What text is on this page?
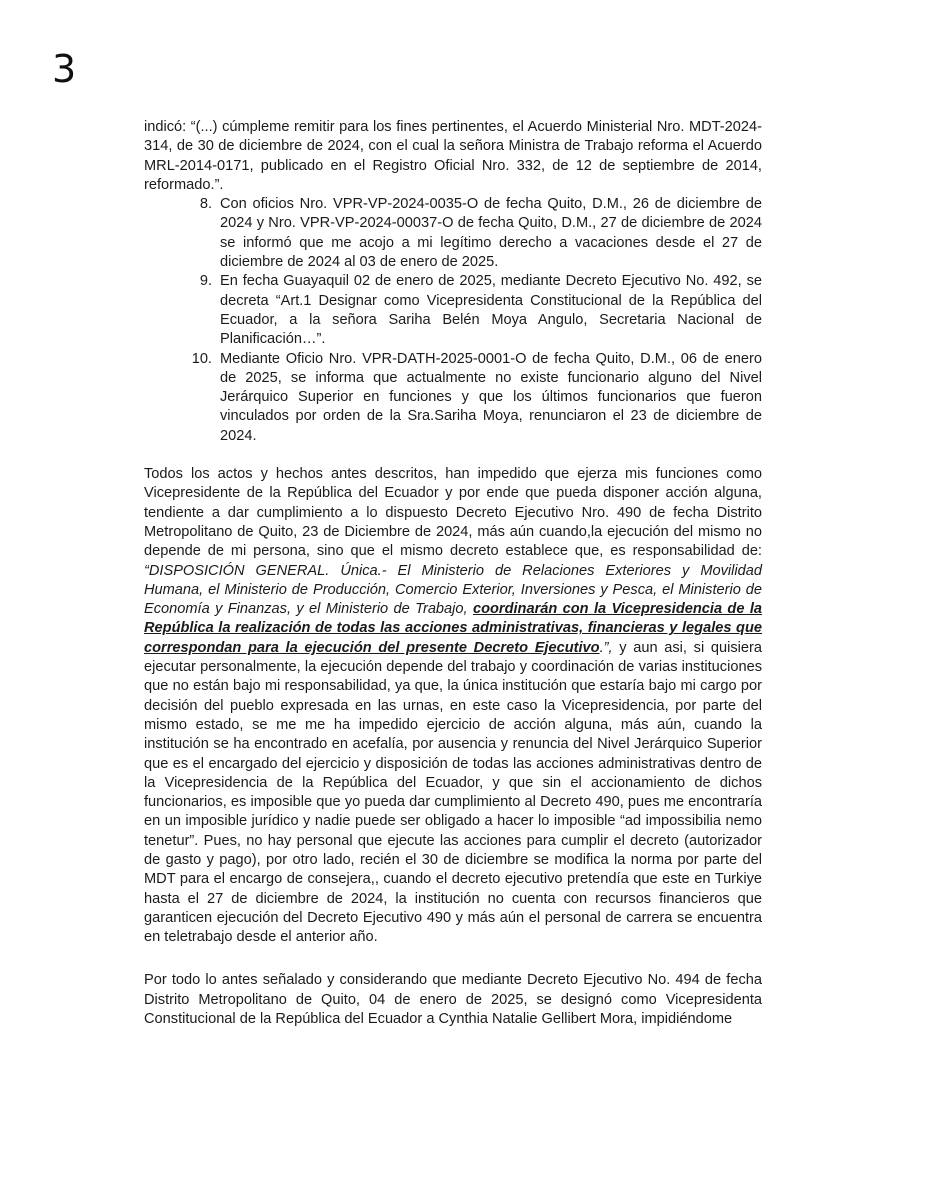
3

indicó: “(...) cúmpleme remitir para los fines pertinentes, el Acuerdo Ministerial Nro. MDT-2024-314, de 30 de diciembre de 2024, con el cual la señora Ministra de Trabajo reforma el Acuerdo MRL-2014-0171, publicado en el Registro Oficial Nro. 332, de 12 de septiembre de 2014, reformado.”.

8. Con oficios Nro. VPR-VP-2024-0035-O de fecha Quito, D.M., 26 de diciembre de 2024 y Nro. VPR-VP-2024-00037-O de fecha Quito, D.M., 27 de diciembre de 2024 se informó que me acojo a mi legítimo derecho a vacaciones desde el 27 de diciembre de 2024 al 03 de enero de 2025.
9. En fecha Guayaquil 02 de enero de 2025, mediante Decreto Ejecutivo No. 492, se decreta “Art.1 Designar como Vicepresidenta Constitucional de la República del Ecuador, a la señora Sariha Belén Moya Angulo, Secretaria Nacional de Planificación…”.
10. Mediante Oficio Nro. VPR-DATH-2025-0001-O de fecha Quito, D.M., 06 de enero de 2025, se informa que actualmente no existe funcionario alguno del Nivel Jerárquico Superior en funciones y que los últimos funcionarios que fueron vinculados por orden de la Sra.Sariha Moya, renunciaron el 23 de diciembre de 2024.

Todos los actos y hechos antes descritos, han impedido que ejerza mis funciones como Vicepresidente de la República del Ecuador y por ende que pueda disponer acción alguna, tendiente a dar cumplimiento a lo dispuesto Decreto Ejecutivo Nro. 490 de fecha Distrito Metropolitano de Quito, 23 de Diciembre de 2024, más aún cuando,la ejecución del mismo no depende de mi persona, sino que el mismo decreto establece que, es responsabilidad de: “DISPOSICIÓN GENERAL. Única.- El Ministerio de Relaciones Exteriores y Movilidad Humana, el Ministerio de Producción, Comercio Exterior, Inversiones y Pesca, el Ministerio de Economía y Finanzas, y el Ministerio de Trabajo, coordinarán con la Vicepresidencia de la República la realización de todas las acciones administrativas, financieras y legales que correspondan para la ejecución del presente Decreto Ejecutivo.”, y aun asi, si quisiera ejecutar personalmente, la ejecución depende del trabajo y coordinación de varias instituciones que no están bajo mi responsabilidad, ya que, la única institución que estaría bajo mi cargo por decisión del pueblo expresada en las urnas, en este caso la Vicepresidencia, por parte del mismo estado, se me me ha impedido ejercicio de acción alguna, más aún, cuando la institución se ha encontrado en acefalía, por ausencia y renuncia del Nivel Jerárquico Superior que es el encargado del ejercicio y disposición de todas las acciones administrativas dentro de la Vicepresidencia de la República del Ecuador, y que sin el accionamiento de dichos funcionarios, es imposible que yo pueda dar cumplimiento al Decreto 490, pues me encontraría en un imposible jurídico y nadie puede ser obligado a hacer lo imposible “ad impossibilia nemo tenetur”. Pues, no hay personal que ejecute las acciones para cumplir el decreto (autorizador de gasto y pago), por otro lado, recién el 30 de diciembre se modifica la norma por parte del MDT para el encargo de consejera,, cuando el decreto ejecutivo pretendía que este en Turkiye hasta el 27 de diciembre de 2024, la institución no cuenta con recursos financieros que garanticen ejecución del Decreto Ejecutivo 490 y más aún el personal de carrera se encuentra en teletrabajo desde el anterior año.

Por todo lo antes señalado y considerando que mediante Decreto Ejecutivo No. 494 de fecha Distrito Metropolitano de Quito, 04 de enero de 2025, se designó como Vicepresidenta Constitucional de la República del Ecuador a Cynthia Natalie Gellibert Mora, impidiéndome
